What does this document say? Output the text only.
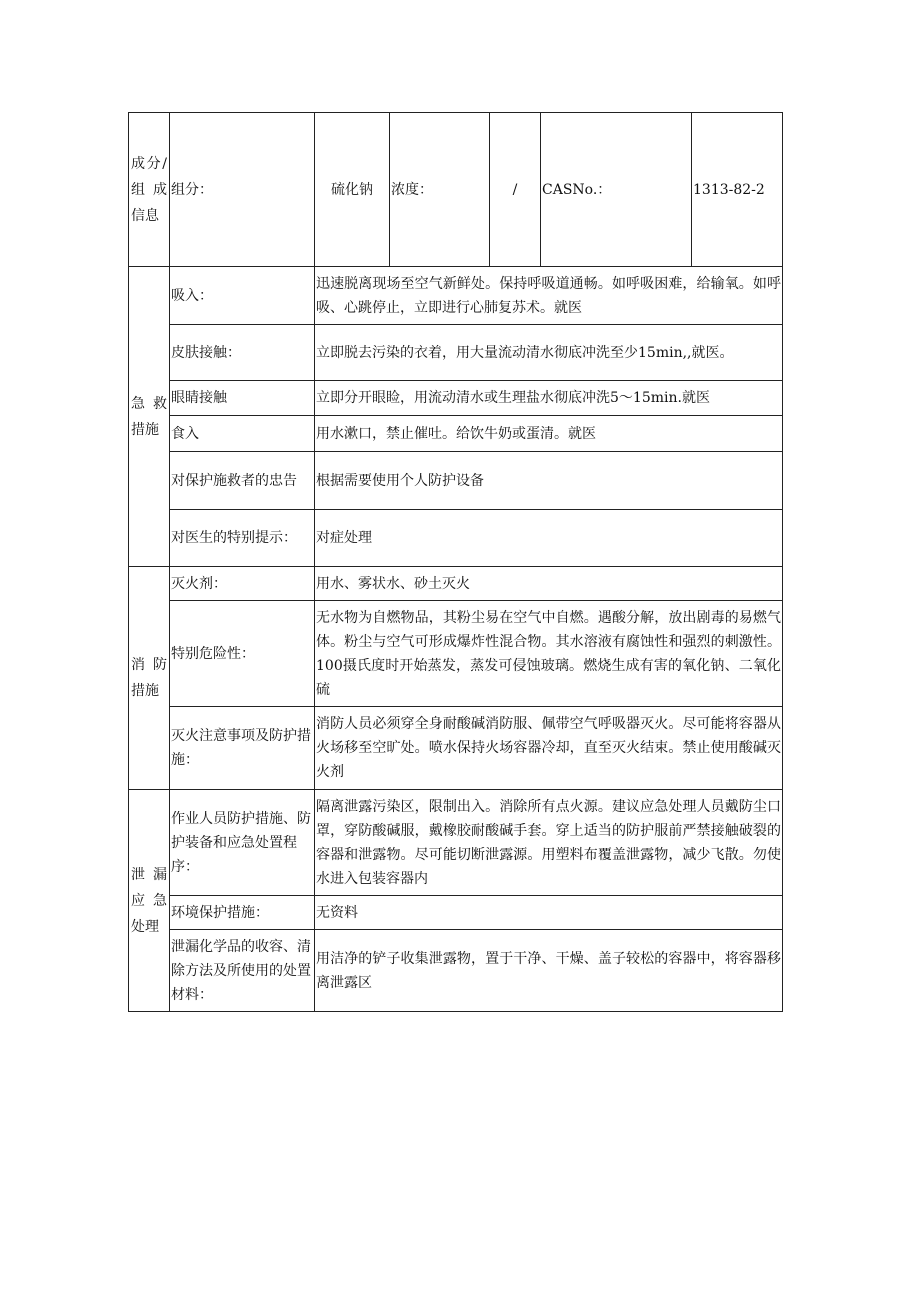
成分/组 成信息	组分：	硫化钠	浓度：	/	CASNo.：	1313-82-2
急 救措施	吸入：	迅速脱离现场至空气新鲜处。保持呼吸道通畅。如呼吸困难，给输氧。如呼吸、心跳停止，立即进行心肺复苏术。就医				
	皮肤接触：	立即脱去污染的衣着，用大量流动清水彻底冲洗至少15min,,就医。				
	眼睛接触	立即分开眼睑，用流动清水或生理盐水彻底冲洗5～15min.就医				
	食入	用水漱口，禁止催吐。给饮牛奶或蛋清。就医				
	对保护施救者的忠告	根据需要使用个人防护设备				
	对医生的特别提示：	对症处理				
消 防措施	灭火剂：	用水、雾状水、砂土灭火				
	特别危险性：	无水物为自燃物品，其粉尘易在空气中自燃。遇酸分解，放出剧毒的易燃气体。粉尘与空气可形成爆炸性混合物。其水溶液有腐蚀性和强烈的刺激性。100摄氏度时开始蒸发，蒸发可侵蚀玻璃。燃烧生成有害的氧化钠、二氧化硫				
	灭火注意事项及防护措施：	消防人员必须穿全身耐酸碱消防服、佩带空气呼吸器灭火。尽可能将容器从火场移至空旷处。喷水保持火场容器冷却，直至灭火结束。禁止使用酸碱灭火剂				
泄 漏应 急处理	作业人员防护措施、防护装备和应急处置程序：	隔离泄露污染区，限制出入。消除所有点火源。建议应急处理人员戴防尘口罩，穿防酸碱服，戴橡胶耐酸碱手套。穿上适当的防护服前严禁接触破裂的容器和泄露物。尽可能切断泄露源。用塑料布覆盖泄露物，减少飞散。勿使水进入包装容器内				
	环境保护措施：	无资料				
	泄漏化学品的收容、清除方法及所使用的处置材料：	用洁净的铲子收集泄露物，置于干净、干燥、盖子较松的容器中，将容器移离泄露区				
